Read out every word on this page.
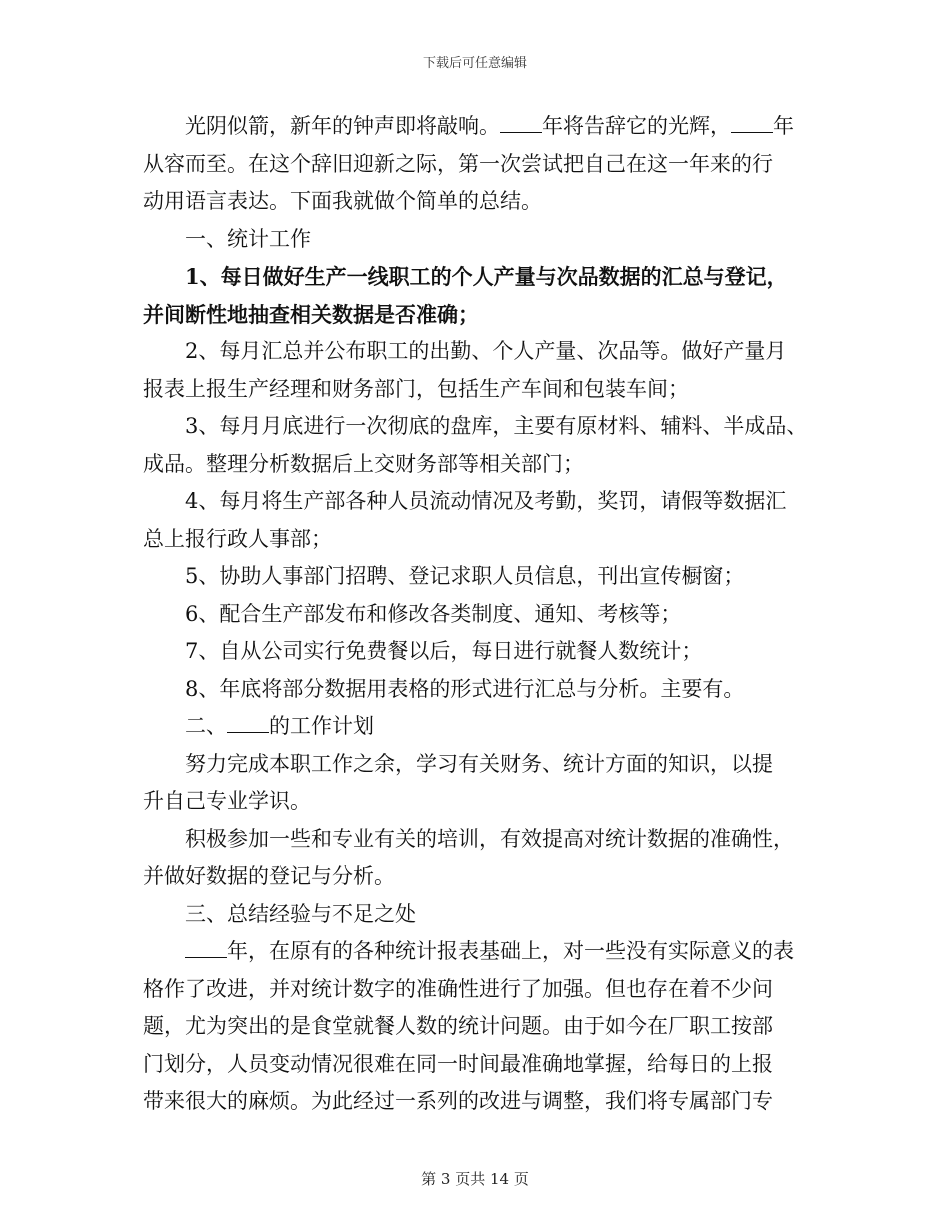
下载后可任意编辑
光阴似箭，新年的钟声即将敲响。 年将告辞它的光辉， 年
从容而至。在这个辞旧迎新之际，第一次尝试把自己在这一年来的行
动用语言表达。下面我就做个简单的总结。
一、统计工作
1、每日做好生产一线职工的个人产量与次品数据的汇总与登记，
并间断性地抽查相关数据是否准确；
2、每月汇总并公布职工的出勤、个人产量、次品等。做好产量月
报表上报生产经理和财务部门，包括生产车间和包装车间；
3、每月月底进行一次彻底的盘库，主要有原材料、辅料、半成品、
成品。整理分析数据后上交财务部等相关部门；
4、每月将生产部各种人员流动情况及考勤，奖罚，请假等数据汇
总上报行政人事部；
5、协助人事部门招聘、登记求职人员信息，刊出宣传橱窗；
6、配合生产部发布和修改各类制度、通知、考核等；
7、自从公司实行免费餐以后，每日进行就餐人数统计；
8、年底将部分数据用表格的形式进行汇总与分析。主要有。
二、 的工作计划
努力完成本职工作之余，学习有关财务、统计方面的知识，以提
升自己专业学识。
积极参加一些和专业有关的培训，有效提高对统计数据的准确性，
并做好数据的登记与分析。
三、总结经验与不足之处
年，在原有的各种统计报表基础上，对一些没有实际意义的表
格作了改进，并对统计数字的准确性进行了加强。但也存在着不少问
题，尤为突出的是食堂就餐人数的统计问题。由于如今在厂职工按部
门划分，人员变动情况很难在同一时间最准确地掌握，给每日的上报
带来很大的麻烦。为此经过一系列的改进与调整，我们将专属部门专
第 3 页共 14 页
